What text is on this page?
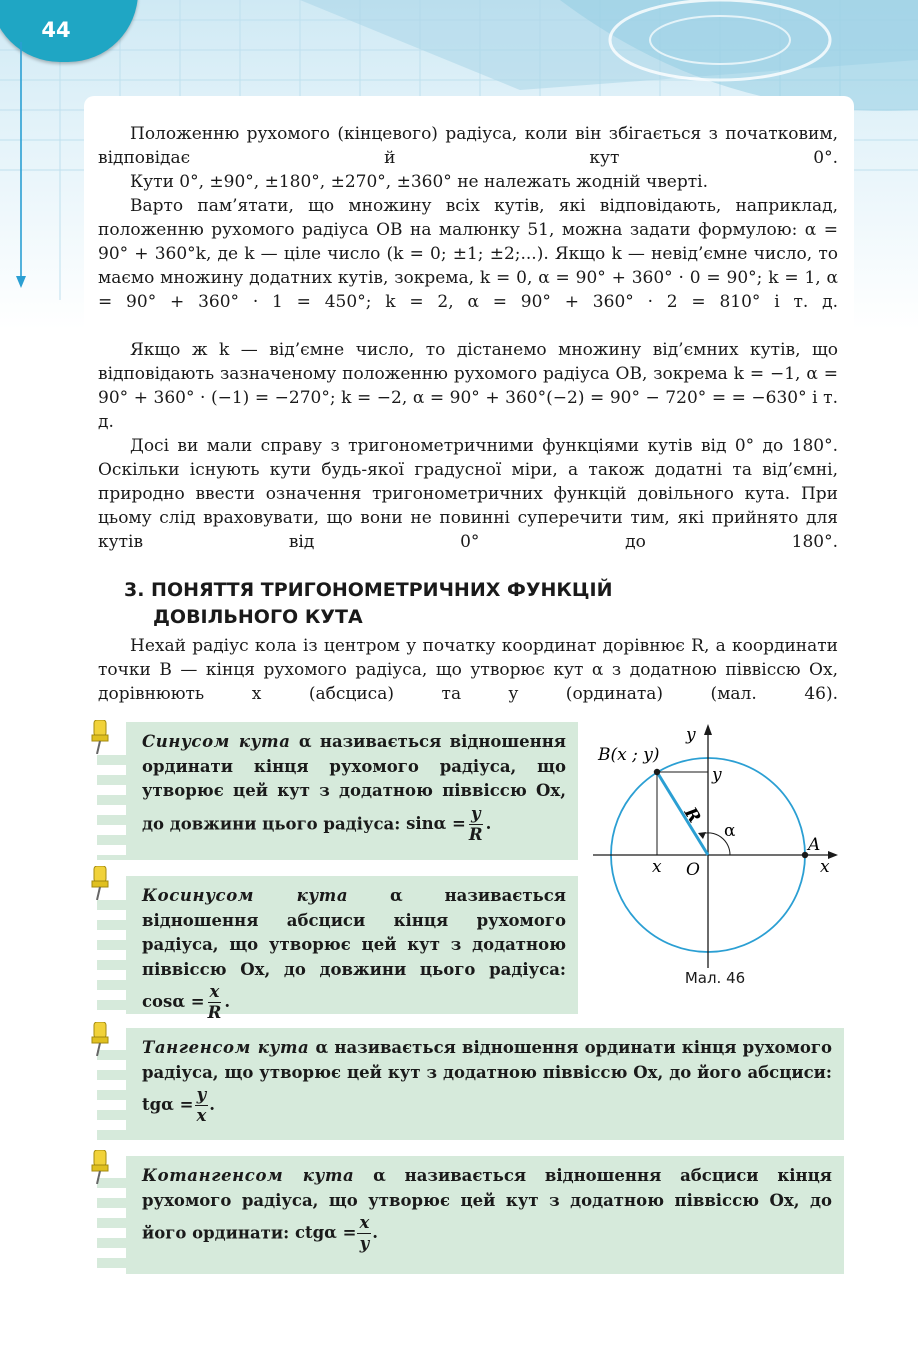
44

Положенню рухомого (кінцевого) радіуса, коли він збігається з початковим, відповідає й кут 0°.

Кути 0°, ±90°, ±180°, ±270°, ±360° не належать жодній чверті.

Варто пам’ятати, що множину всіх кутів, які відповідають, наприклад, положенню рухомого радіуса OB на малюнку 51, можна задати формулою: α = 90° + 360°k, де k — ціле число (k = 0; ±1; ±2;...). Якщо k — невід’ємне число, то маємо множину додатних кутів, зокрема, k = 0, α = 90° + 360° · 0 = 90°; k = 1, α = 90° + 360° · 1 = 450°; k = 2, α = 90° + 360° · 2 = 810° і т. д.

Якщо ж k — від’ємне число, то дістанемо множину від’ємних кутів, що відповідають зазначеному положенню рухомого радіуса OB, зокрема k = −1, α = 90° + 360° · (−1) = −270°; k = −2, α = 90° + 360°(−2) = 90° − 720° = = −630° і т. д.

Досі ви мали справу з тригонометричними функціями кутів від 0° до 180°. Оскільки існують кути будь-якої градусної міри, а також додатні та від’ємні, природно ввести означення тригонометричних функцій довільного кута. При цьому слід враховувати, що вони не повинні суперечити тим, які прийнято для кутів від 0° до 180°.

3. ПОНЯТТЯ ТРИГОНОМЕТРИЧНИХ ФУНКЦІЙ
ДОВІЛЬНОГО КУТА

Нехай радіус кола із центром у початку координат дорівнює R, а координати точки B — кінця рухомого радіуса, що утворює кут α з додатною піввіссю Ox, дорівнюють x (абсциса) та y (ордината) (мал. 46).

Синусом кута α називається відношення ординати кінця рухомого радіуса, що утворює цей кут з додатною піввіссю Ox, до довжини цього радіуса: $\sin\alpha = \frac{y}{R}$ .
Косинусом кута	α називається відношення абсциси кінця рухомого радіуса, що утворює цей кут з додатною піввіссю Ox, до довжини цього радіуса:
$\cos\alpha = \frac{x}{R}$ .
Тангенсом кута α називається відношення ординати кінця рухомого радіуса, що утворює цей кут з додатною піввіссю Ox, до його абсциси:
$tg\alpha = \frac{y}{x}$ .
Котангенсом кута α називається відношення абсциси кінця рухомого радіуса, що утворює цей кут з додатною піввіссю Ox, до його ординати: $ctg\alpha = \frac{x}{y}$ .
B(x ; y)
y
x
y
x O
A
R
α
Мал. 46
